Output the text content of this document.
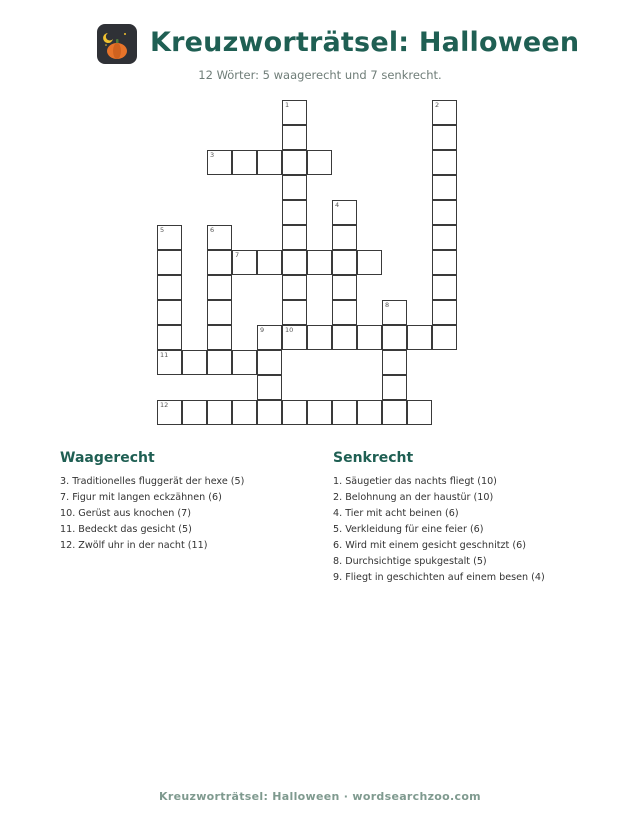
Kreuzworträtsel: Halloween
12 Wörter: 5 waagerecht und 7 senkrecht.
1
10
2
3
4
5
11
6
7
8
9
12
Waagerecht
3. Traditionelles fluggerät der hexe (5)
7. Figur mit langen eckzähnen (6)
10. Gerüst aus knochen (7)
11. Bedeckt das gesicht (5)
12. Zwölf uhr in der nacht (11)
Senkrecht
1. Säugetier das nachts fliegt (10)
2. Belohnung an der haustür (10)
4. Tier mit acht beinen (6)
5. Verkleidung für eine feier (6)
6. Wird mit einem gesicht geschnitzt (6)
8. Durchsichtige spukgestalt (5)
9. Fliegt in geschichten auf einem besen (4)
Kreuzworträtsel: Halloween · wordsearchzoo.com
